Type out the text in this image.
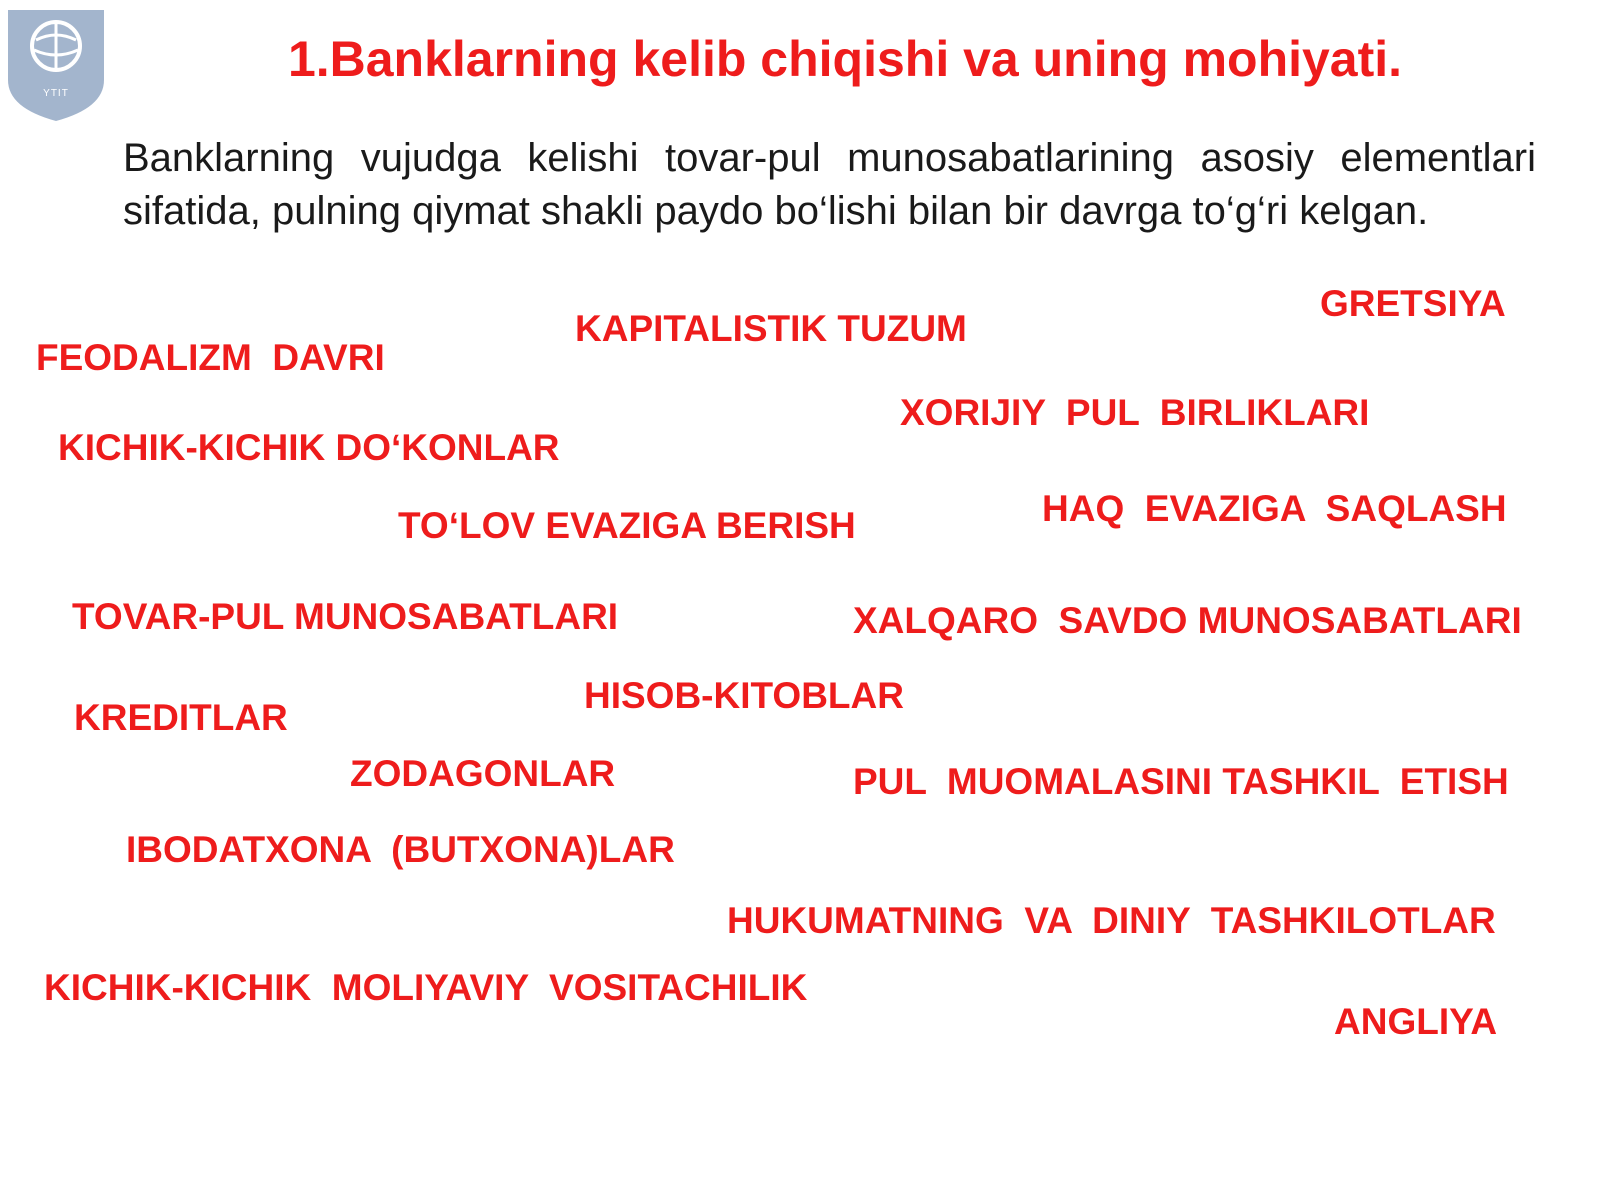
YTIT
1.Banklarning kelib chiqishi va uning mohiyati.
Banklarning vujudga kelishi tovar-pul munosabatlarining asosiy elementlari sifatida, pulning qiymat shakli paydo bo‘lishi bilan bir davrga to‘g‘ri kelgan.
GRETSIYA
KAPITALISTIK TUZUM
FEODALIZM  DAVRI
XORIJIY  PUL  BIRLIKLARI
KICHIK-KICHIK DO‘KONLAR
HAQ  EVAZIGA  SAQLASH
TO‘LOV EVAZIGA BERISH
TOVAR-PUL MUNOSABATLARI	XALQARO  SAVDO MUNOSABATLARI
HISOB-KITOBLAR
KREDITLAR
ZODAGONLAR	PUL  MUOMALASINI TASHKIL  ETISH
IBODATXONA  (BUTXONA)LAR
HUKUMATNING  VA  DINIY  TASHKILOTLAR
KICHIK-KICHIK  MOLIYAVIY  VOSITACHILIK
ANGLIYA
